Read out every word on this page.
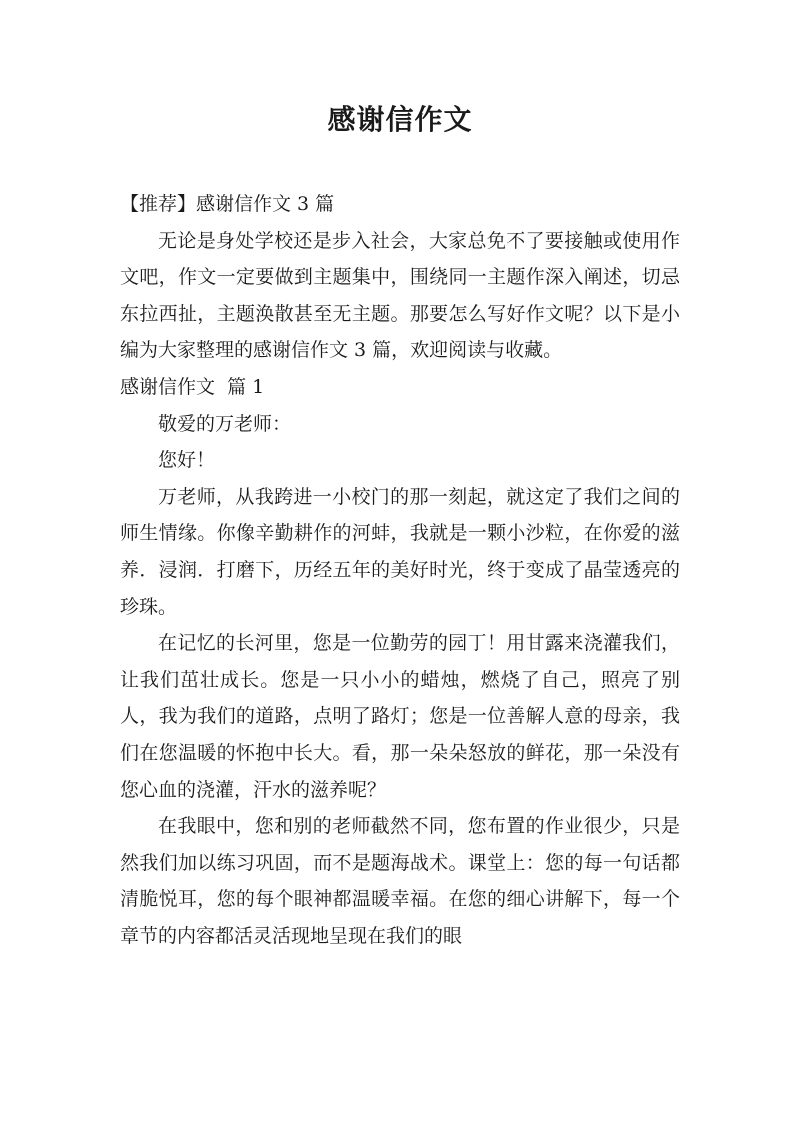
感谢信作文

【推荐】感谢信作文 3 篇

无论是身处学校还是步入社会，大家总免不了要接触或使用作文吧，作文一定要做到主题集中，围绕同一主题作深入阐述，切忌东拉西扯，主题涣散甚至无主题。那要怎么写好作文呢？以下是小编为大家整理的感谢信作文 3 篇，欢迎阅读与收藏。

感谢信作文  篇 1

敬爱的万老师：

您好！

万老师，从我跨进一小校门的那一刻起，就这定了我们之间的师生情缘。你像辛勤耕作的河蚌，我就是一颗小沙粒，在你爱的滋养．浸润．打磨下，历经五年的美好时光，终于变成了晶莹透亮的珍珠。

在记忆的长河里，您是一位勤劳的园丁！用甘露来浇灌我们，让我们茁壮成长。您是一只小小的蜡烛，燃烧了自己，照亮了别人，我为我们的道路，点明了路灯；您是一位善解人意的母亲，我们在您温暖的怀抱中长大。看，那一朵朵怒放的鲜花，那一朵没有您心血的浇灌，汗水的滋养呢？

在我眼中，您和别的老师截然不同，您布置的作业很少，只是然我们加以练习巩固，而不是题海战术。课堂上：您的每一句话都清脆悦耳，您的每个眼神都温暖幸福。在您的细心讲解下，每一个章节的内容都活灵活现地呈现在我们的眼
